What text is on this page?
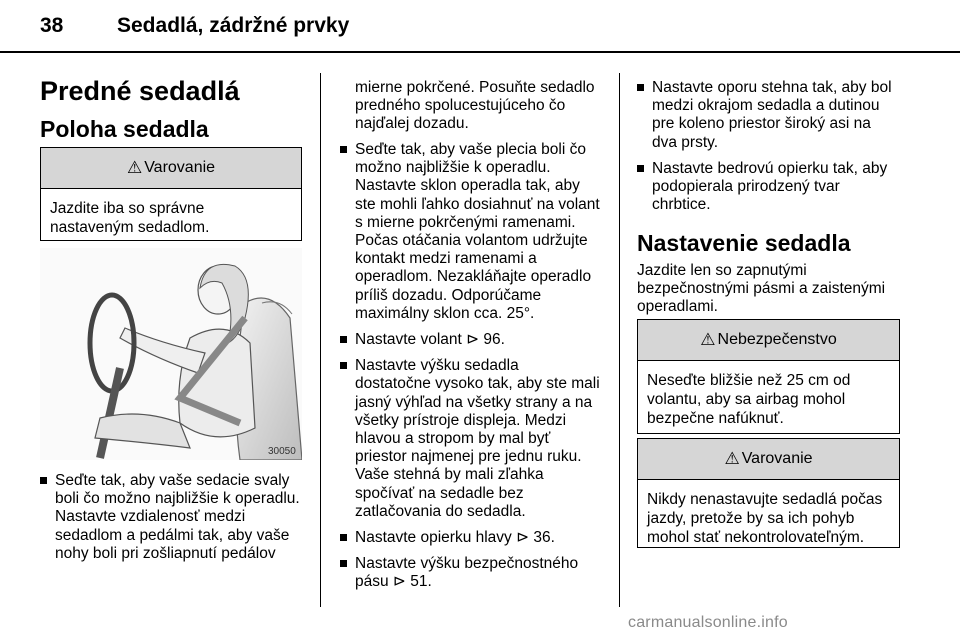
38	Sedadlá, zádržné prvky
Predné sedadlá
Poloha sedadla
⚠ Varovanie
Jazdite iba so správne nastaveným sedadlom.
30050
Seďte tak, aby vaše sedacie svaly
boli čo možno najbližšie k operadlu.
Nastavte vzdialenosť medzi
sedadlom a pedálmi tak, aby vaše
nohy boli pri zošliapnutí pedálov
mierne pokrčené. Posuňte sedadlo
predného spolucestujúceho čo
najďalej dozadu.
Seďte tak, aby vaše plecia boli čo
možno najbližšie k operadlu.
Nastavte sklon operadla tak, aby
ste mohli ľahko dosiahnuť na volant
s mierne pokrčenými ramenami.
Počas otáčania volantom udržujte
kontakt medzi ramenami a
operadlom. Nezakláňajte operadlo
príliš dozadu. Odporúčame
maximálny sklon cca. 25°.
Nastavte volant ⊳ 96.
Nastavte výšku sedadla
dostatočne vysoko tak, aby ste mali
jasný výhľad na všetky strany a na
všetky prístroje displeja. Medzi
hlavou a stropom by mal byť
priestor najmenej pre jednu ruku.
Vaše stehná by mali zľahka
spočívať na sedadle bez
zatlačovania do sedadla.
Nastavte opierku hlavy ⊳ 36.
Nastavte výšku bezpečnostného
pásu ⊳ 51.
Nastavte oporu stehna tak, aby bol
medzi okrajom sedadla a dutinou
pre koleno priestor široký asi na
dva prsty.
Nastavte bedrovú opierku tak, aby
podopierala prirodzený tvar
chrbtice.
Nastavenie sedadla
Jazdite len so zapnutými
bezpečnostnými pásmi a zaistenými
operadlami.
⚠ Nebezpečenstvo
Neseďte bližšie než 25 cm od volantu, aby sa airbag mohol bezpečne nafúknuť.
⚠ Varovanie
Nikdy nenastavujte sedadlá počas jazdy, pretože by sa ich pohyb mohol stať nekontrolovateľným.
carmanualsonline.info
